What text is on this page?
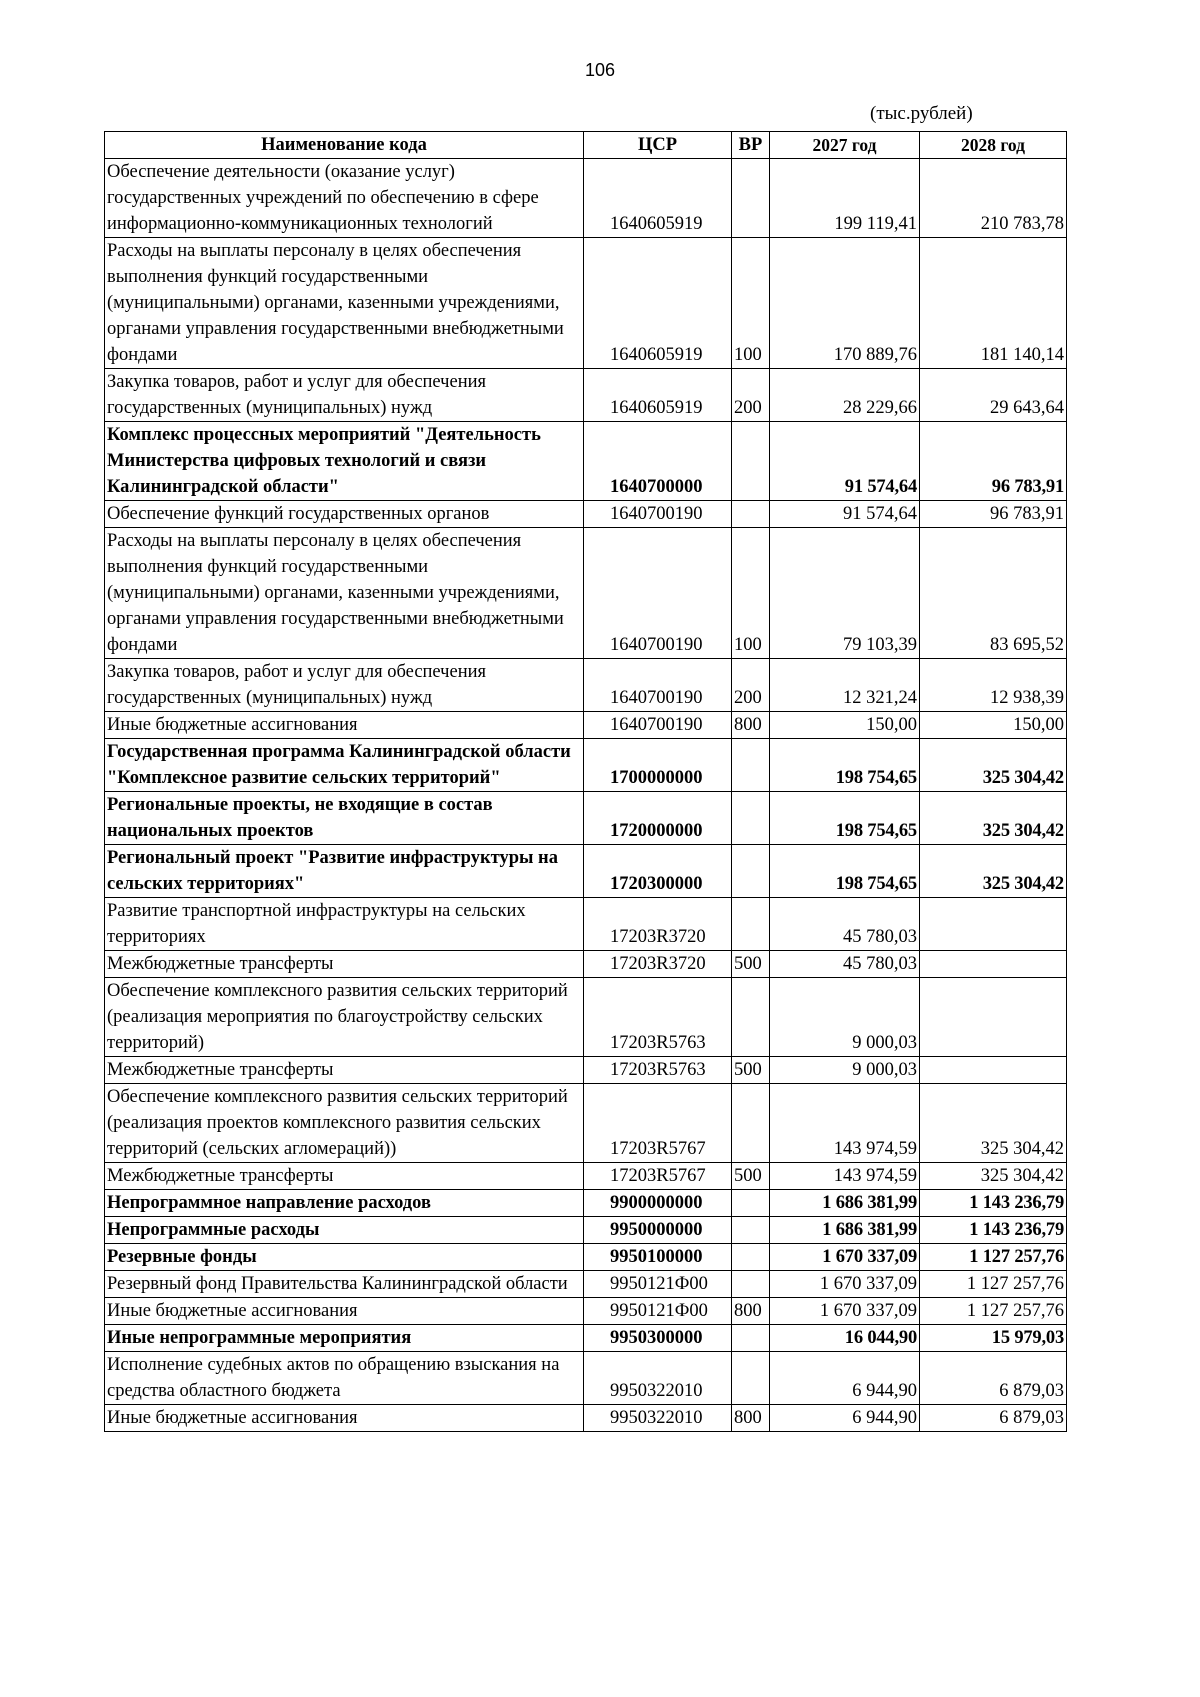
106
(тыс.рублей)
Наименование кода	ЦСР	ВР	2027 год	2028 год
Обеспечение деятельности (оказание услуг) государственных учреждений по обеспечению в сфере информационно-коммуникационных технологий	1640605919		199 119,41	210 783,78
Расходы на выплаты персоналу в целях обеспечения выполнения функций государственными (муниципальными) органами, казенными учреждениями, органами управления государственными внебюджетными фондами	1640605919	100	170 889,76	181 140,14
Закупка товаров, работ и услуг для обеспечения государственных (муниципальных) нужд	1640605919	200	28 229,66	29 643,64
Комплекс процессных мероприятий "Деятельность Министерства цифровых технологий и связи Калининградской области"	1640700000		91 574,64	96 783,91
Обеспечение функций государственных органов	1640700190		91 574,64	96 783,91
Расходы на выплаты персоналу в целях обеспечения выполнения функций государственными (муниципальными) органами, казенными учреждениями, органами управления государственными внебюджетными фондами	1640700190	100	79 103,39	83 695,52
Закупка товаров, работ и услуг для обеспечения государственных (муниципальных) нужд	1640700190	200	12 321,24	12 938,39
Иные бюджетные ассигнования	1640700190	800	150,00	150,00
Государственная программа Калининградской области "Комплексное развитие сельских территорий"	1700000000		198 754,65	325 304,42
Региональные проекты, не входящие в состав национальных проектов	1720000000		198 754,65	325 304,42
Региональный проект "Развитие инфраструктуры на сельских территориях"	1720300000		198 754,65	325 304,42
Развитие транспортной инфраструктуры на сельских территориях	17203R3720		45 780,03	
Межбюджетные трансферты	17203R3720	500	45 780,03	
Обеспечение комплексного развития сельских территорий (реализация мероприятия по благоустройству сельских территорий)	17203R5763		9 000,03	
Межбюджетные трансферты	17203R5763	500	9 000,03	
Обеспечение комплексного развития сельских территорий (реализация проектов комплексного развития сельских территорий (сельских агломераций))	17203R5767		143 974,59	325 304,42
Межбюджетные трансферты	17203R5767	500	143 974,59	325 304,42
Непрограммное направление расходов	9900000000		1 686 381,99	1 143 236,79
Непрограммные расходы	9950000000		1 686 381,99	1 143 236,79
Резервные фонды	9950100000		1 670 337,09	1 127 257,76
Резервный фонд Правительства Калининградской области	9950121Ф00		1 670 337,09	1 127 257,76
Иные бюджетные ассигнования	9950121Ф00	800	1 670 337,09	1 127 257,76
Иные непрограммные мероприятия	9950300000		16 044,90	15 979,03
Исполнение судебных актов по обращению взыскания на средства областного бюджета	9950322010		6 944,90	6 879,03
Иные бюджетные ассигнования	9950322010	800	6 944,90	6 879,03
